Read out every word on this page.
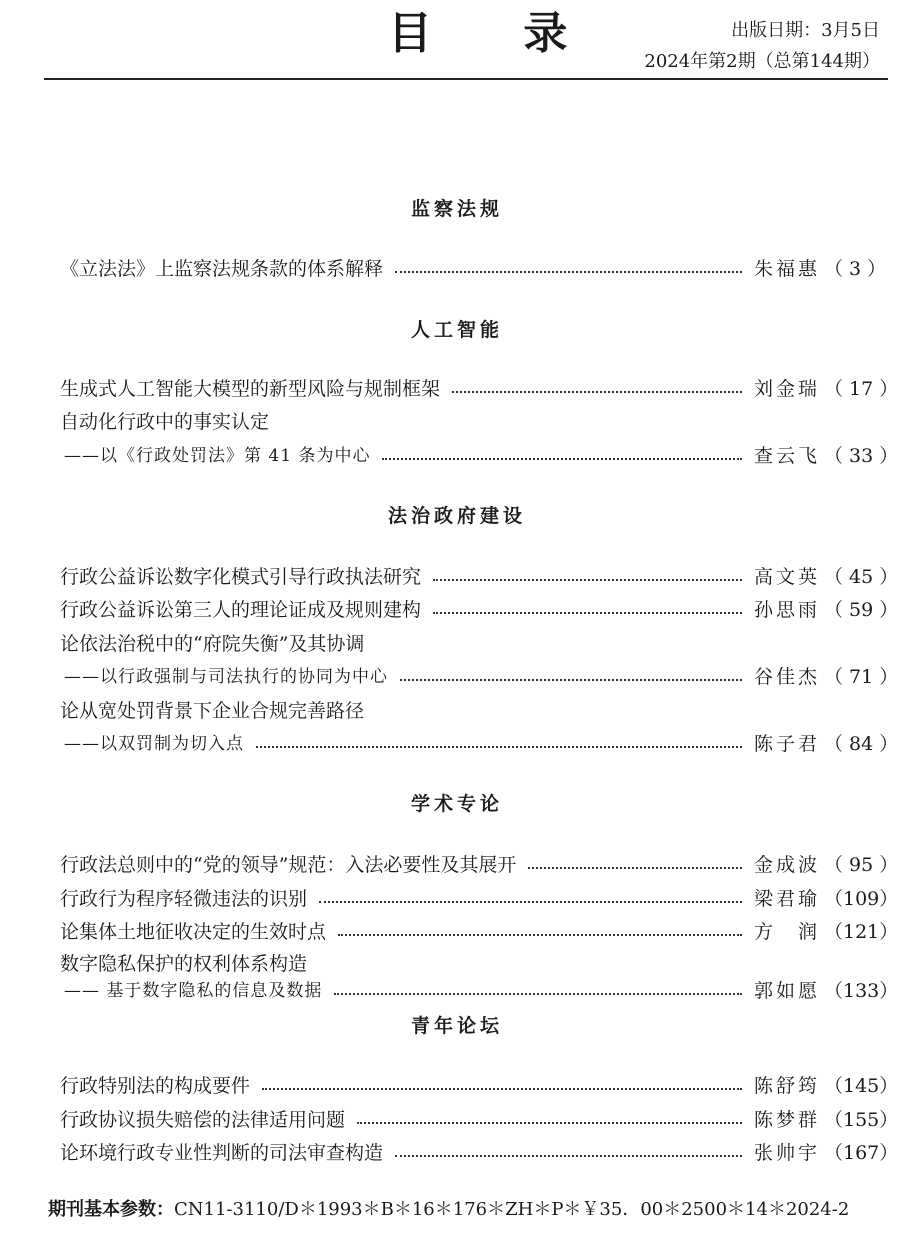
目 录	出版日期：3月5日
2024年第2期（总第144期）
监察法规
《立法法》上监察法规条款的体系解释	朱福惠 （ 3 ）
人工智能
生成式人工智能大模型的新型风险与规制框架	刘金瑞 （ 17 ）
自动化行政中的事实认定
——以《行政处罚法》第 41 条为中心	查云飞 （ 33 ）
法治政府建设
行政公益诉讼数字化模式引导行政执法研究	高文英 （ 45 ）
行政公益诉讼第三人的理论证成及规则建构	孙思雨 （ 59 ）
论依法治税中的“府院失衡”及其协调
——以行政强制与司法执行的协同为中心	谷佳杰 （ 71 ）
论从宽处罚背景下企业合规完善路径
——以双罚制为切入点	陈子君 （ 84 ）
学术专论
行政法总则中的“党的领导”规范：入法必要性及其展开	金成波 （ 95 ）
行政行为程序轻微违法的识别	梁君瑜 （109）
论集体土地征收决定的生效时点	方　润 （121）
数字隐私保护的权利体系构造
—— 基于数字隐私的信息及数据	郭如愿 （133）
青年论坛
行政特别法的构成要件	陈舒筠 （145）
行政协议损失赔偿的法律适用问题	陈梦群 （155）
论环境行政专业性判断的司法审查构造	张帅宇 （167）
期刊基本参数：CN11-3110/D＊1993＊B＊16＊176＊ZH＊P＊￥35．00＊2500＊14＊2024-2
